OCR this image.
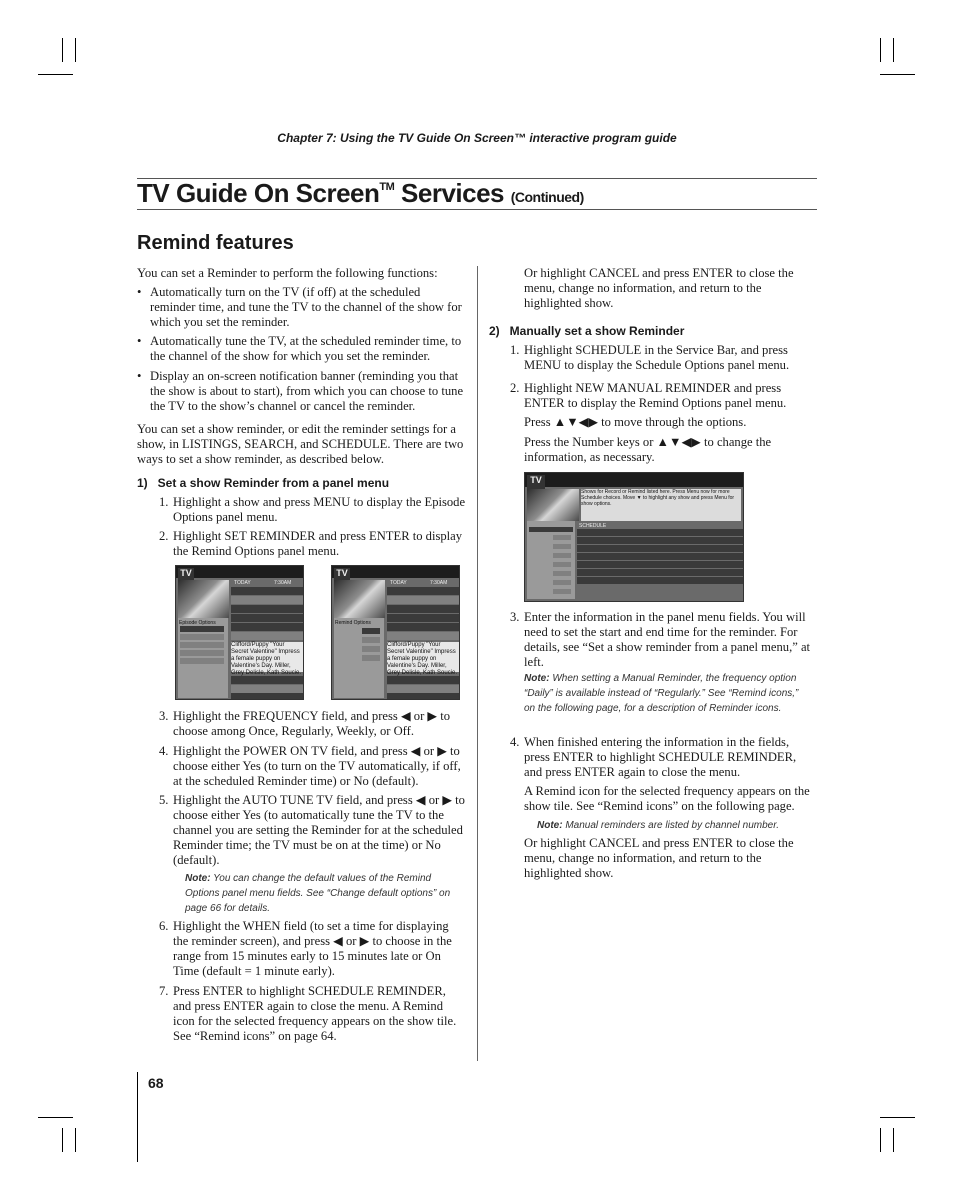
Chapter 7: Using the TV Guide On Screen™ interactive program guide
TV Guide On Screen™ Services (Continued)
Remind features
You can set a Reminder to perform the following functions:
• Automatically turn on the TV (if off) at the scheduled reminder time, and tune the TV to the channel of the show for which you set the reminder.
• Automatically tune the TV, at the scheduled reminder time, to the channel of the show for which you set the reminder.
• Display an on-screen notification banner (reminding you that the show is about to start), from which you can choose to tune the TV to the show’s channel or cancel the reminder.
You can set a show reminder, or edit the reminder settings for a show, in LISTINGS, SEARCH, and SCHEDULE. There are two ways to set a show reminder, as described below.
1)   Set a show Reminder from a panel menu
1. Highlight a show and press MENU to display the Episode Options panel menu.
2. Highlight SET REMINDER and press ENTER to display the Remind Options panel menu.
TV
TODAY	7:30AM
Episode Options
Clifford/Puppy "Your Secret Valentine" Impress a female puppy on Valentine's Day. Miller, Grey Delisle, Kath Soucie.
TV
TODAY	7:30AM
Remind Options
Clifford/Puppy "Your Secret Valentine" Impress a female puppy on Valentine's Day. Miller, Grey Delisle, Kath Soucie.
3. Highlight the FREQUENCY field, and press ◀ or ▶ to choose among Once, Regularly, Weekly, or Off.
4. Highlight the POWER ON TV field, and press ◀ or ▶ to choose either Yes (to turn on the TV automatically, if off, at the scheduled Reminder time) or No (default).
5. Highlight the AUTO TUNE TV field, and press ◀ or ▶ to choose either Yes (to automatically tune the TV to the channel you are setting the Reminder for at the scheduled Reminder time; the TV must be on at the time) or No (default).
Note: You can change the default values of the Remind Options panel menu fields. See “Change default options” on page 66 for details.
6. Highlight the WHEN field (to set a time for displaying the reminder screen), and press ◀ or ▶ to choose in the range from 15 minutes early to 15 minutes late or On Time (default = 1 minute early).
7. Press ENTER to highlight SCHEDULE REMINDER, and press ENTER again to close the menu. A Remind icon for the selected frequency appears on the show tile. See “Remind icons” on page 64.
Or highlight CANCEL and press ENTER to close the menu, change no information, and return to the highlighted show.
2)   Manually set a show Reminder
1. Highlight SCHEDULE in the Service Bar, and press MENU to display the Schedule Options panel menu.
2. Highlight NEW MANUAL REMINDER and press ENTER to display the Remind Options panel menu.
Press ▲▼◀▶ to move through the options.
Press the Number keys or ▲▼◀▶ to change the information, as necessary.
TV
Shows for Record or Remind listed here. Press Menu now for more Schedule choices. Move ▼ to highlight any show and press Menu for show options.
SCHEDULE
3. Enter the information in the panel menu fields. You will need to set the start and end time for the reminder. For details, see “Set a show reminder from a panel menu,” at left.
Note: When setting a Manual Reminder, the frequency option “Daily” is available instead of “Regularly.” See “Remind icons,” on the following page, for a description of Reminder icons.
4. When finished entering the information in the fields, press ENTER to highlight SCHEDULE REMINDER, and press ENTER again to close the menu.
A Remind icon for the selected frequency appears on the show tile. See “Remind icons” on the following page.
Note: Manual reminders are listed by channel number.
Or highlight CANCEL and press ENTER to close the menu, change no information, and return to the highlighted show.
68
